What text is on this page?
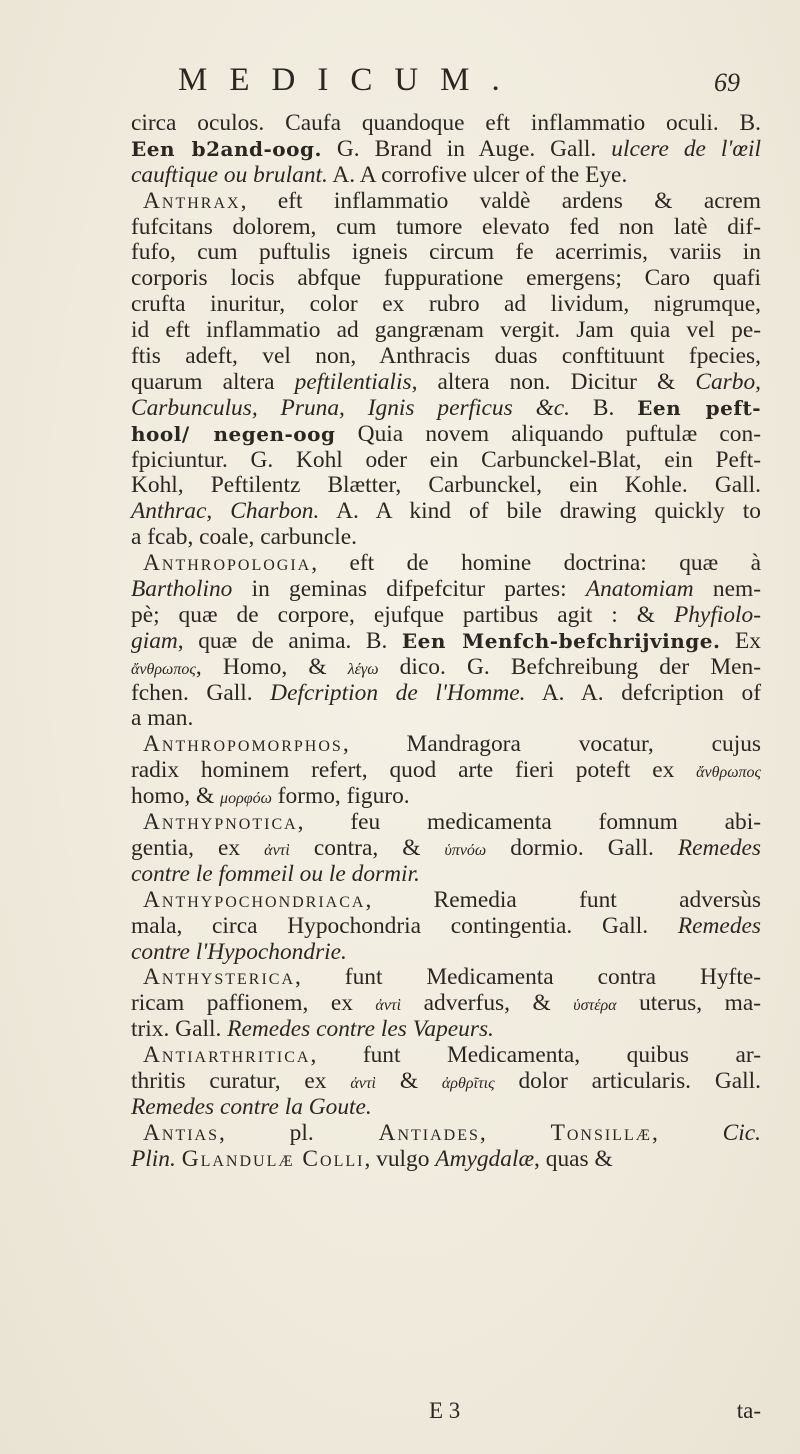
MEDICUM.	69
circa oculos. Caufa quandoque eft inflammatio oculi. B.
Een b2and-oog. G. Brand in Auge. Gall. ulcere de l'œil
cauftique ou brulant. A. A corrofive ulcer of the Eye.
Anthrax, eft inflammatio valdè ardens & acrem
fufcitans dolorem, cum tumore elevato fed non latè dif-
fufo, cum puftulis igneis circum fe acerrimis, variis in
corporis locis abfque fuppuratione emergens; Caro quafi
crufta inuritur, color ex rubro ad lividum, nigrumque,
id eft inflammatio ad gangrænam vergit. Jam quia vel pe-
ftis adeft, vel non, Anthracis duas conftituunt fpecies,
quarum altera peftilentialis, altera non. Dicitur & Carbo,
Carbunculus, Pruna, Ignis perficus &c. B. Een peft-
hool/ negen-oog Quia novem aliquando puftulæ con-
fpiciuntur. G. Kohl oder ein Carbunckel-Blat, ein Peft-
Kohl, Peftilentz Blætter, Carbunckel, ein Kohle. Gall.
Anthrac, Charbon. A. A kind of bile drawing quickly to
a fcab, coale, carbuncle.
Anthropologia, eft de homine doctrina: quæ à
Bartholino in geminas difpefcitur partes: Anatomiam nem-
pè; quæ de corpore, ejufque partibus agit : & Phyfiolo-
giam, quæ de anima. B. Een Menfch-befchrijvinge. Ex
ἄνθρωπος, Homo, & λέγω dico. G. Befchreibung der Men-
fchen. Gall. Defcription de l'Homme. A. A. defcription of
a man.
Anthropomorphos, Mandragora vocatur, cujus
radix hominem refert, quod arte fieri poteft ex ἄνθρωπος
homo, & μορφόω formo, figuro.
Anthypnotica, feu medicamenta fomnum abi-
gentia, ex ἀντὶ contra, & ὑπνόω dormio. Gall. Remedes
contre le fommeil ou le dormir.
Anthypochondriaca, Remedia funt adversùs
mala, circa Hypochondria contingentia. Gall. Remedes
contre l'Hypochondrie.
Anthysterica, funt Medicamenta contra Hyfte-
ricam paffionem, ex ἀντὶ adverfus, & ὑστέρα uterus, ma-
trix. Gall. Remedes contre les Vapeurs.
Antiarthritica, funt Medicamenta, quibus ar-
thritis curatur, ex ἀντὶ & ἀρθρῖτις dolor articularis. Gall.
Remedes contre la Goute.
Antias, pl. Antiades, Tonsillæ, Cic.
Plin. Glandulæ Colli, vulgo Amygdalæ, quas &
E 3	ta-
